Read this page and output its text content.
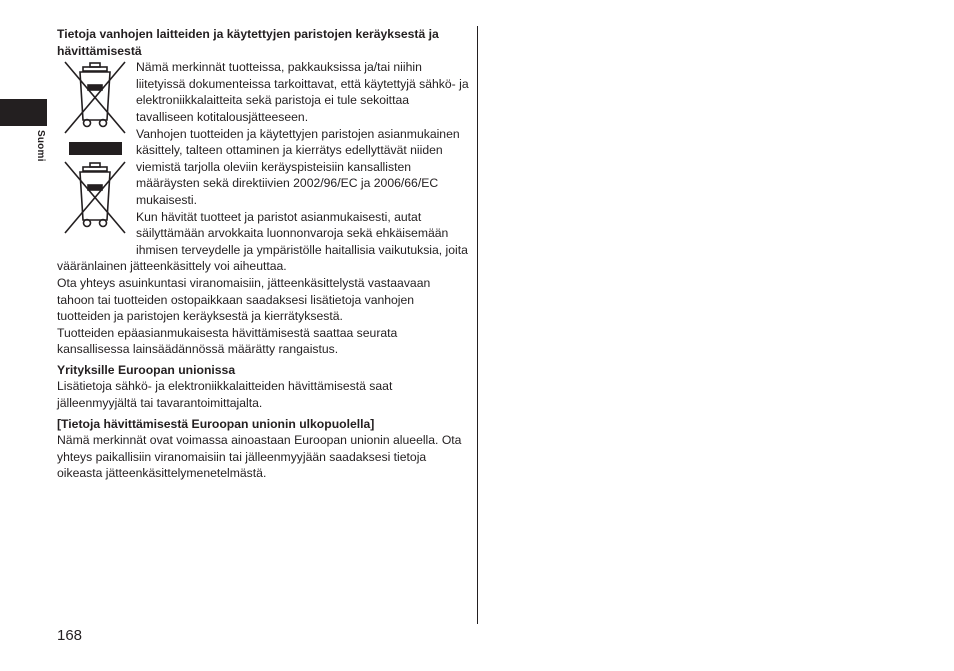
Suomi

Tietoja vanhojen laitteiden ja käytettyjen paristojen keräyksestä ja hävittämisestä

Nämä merkinnät tuotteissa, pakkauksissa ja/tai niihin liitetyissä dokumenteissa tarkoittavat, että käytettyjä sähkö- ja elektroniikkalaitteita sekä paristoja ei tule sekoittaa tavalliseen kotitalousjätteeseen.

Vanhojen tuotteiden ja käytettyjen paristojen asianmukainen käsittely, talteen ottaminen ja kierrätys edellyttävät niiden viemistä tarjolla oleviin keräyspisteisiin kansallisten määräysten sekä direktiivien 2002/96/EC ja 2006/66/EC mukaisesti.

Kun hävität tuotteet ja paristot asianmukaisesti, autat säilyttämään arvokkaita luonnonvaroja sekä ehkäisemään ihmisen terveydelle ja ympäristölle haitallisia vaikutuksia, joita vääränlainen jätteenkäsittely voi aiheuttaa.

Ota yhteys asuinkuntasi viranomaisiin, jätteenkäsittelystä vastaavaan tahoon tai tuotteiden ostopaikkaan saadaksesi lisätietoja vanhojen tuotteiden ja paristojen keräyksestä ja kierrätyksestä.

Tuotteiden epäasianmukaisesta hävittämisestä saattaa seurata kansallisessa lainsäädännössä määrätty rangaistus.

Yrityksille Euroopan unionissa

Lisätietoja sähkö- ja elektroniikkalaitteiden hävittämisestä saat jälleenmyyjältä tai tavarantoimittajalta.

[Tietoja hävittämisestä Euroopan unionin ulkopuolella]

Nämä merkinnät ovat voimassa ainoastaan Euroopan unionin alueella. Ota yhteys paikallisiin viranomaisiin tai jälleenmyyjään saadaksesi tietoja oikeasta jätteenkäsittelymenetelmästä.

168
